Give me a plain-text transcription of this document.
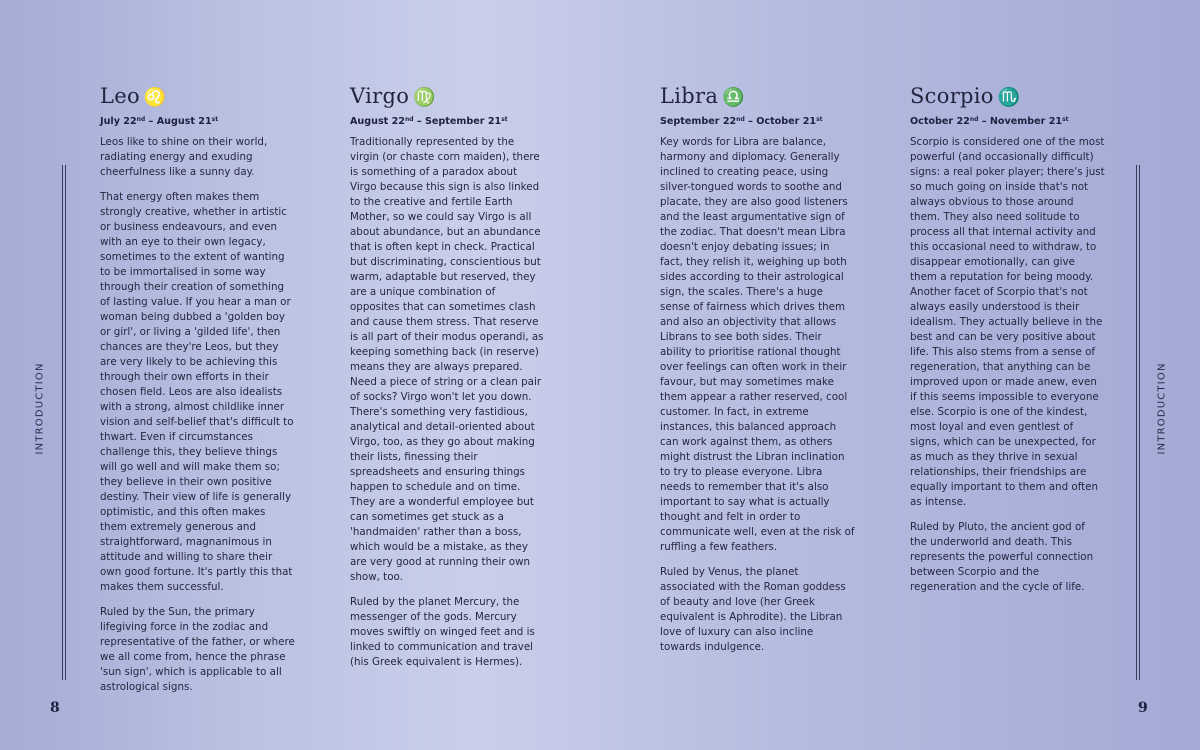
INTRODUCTION
8
INTRODUCTION
9
Leo ♌
July 22nd – August 21st

Leos like to shine on their world, radiating energy and exuding cheerfulness like a sunny day.

That energy often makes them strongly creative, whether in artistic or business endeavours, and even with an eye to their own legacy, sometimes to the extent of wanting to be immortalised in some way through their creation of something of lasting value. If you hear a man or woman being dubbed a 'golden boy or girl', or living a 'gilded life', then chances are they're Leos, but they are very likely to be achieving this through their own efforts in their chosen field. Leos are also idealists with a strong, almost childlike inner vision and self-belief that's difficult to thwart. Even if circumstances challenge this, they believe things will go well and will make them so; they believe in their own positive destiny. Their view of life is generally optimistic, and this often makes them extremely generous and straightforward, magnanimous in attitude and willing to share their own good fortune. It's partly this that makes them successful.

Ruled by the Sun, the primary lifegiving force in the zodiac and representative of the father, or where we all come from, hence the phrase 'sun sign', which is applicable to all astrological signs.

Virgo ♍
August 22nd – September 21st

Traditionally represented by the virgin (or chaste corn maiden), there is something of a paradox about Virgo because this sign is also linked to the creative and fertile Earth Mother, so we could say Virgo is all about abundance, but an abundance that is often kept in check. Practical but discriminating, conscientious but warm, adaptable but reserved, they are a unique combination of opposites that can sometimes clash and cause them stress. That reserve is all part of their modus operandi, as keeping something back (in reserve) means they are always prepared. Need a piece of string or a clean pair of socks? Virgo won't let you down. There's something very fastidious, analytical and detail-oriented about Virgo, too, as they go about making their lists, finessing their spreadsheets and ensuring things happen to schedule and on time. They are a wonderful employee but can sometimes get stuck as a 'handmaiden' rather than a boss, which would be a mistake, as they are very good at running their own show, too.

Ruled by the planet Mercury, the messenger of the gods. Mercury moves swiftly on winged feet and is linked to communication and travel (his Greek equivalent is Hermes).

Libra ♎
September 22nd – October 21st

Key words for Libra are balance, harmony and diplomacy. Generally inclined to creating peace, using silver-tongued words to soothe and placate, they are also good listeners and the least argumentative sign of the zodiac. That doesn't mean Libra doesn't enjoy debating issues; in fact, they relish it, weighing up both sides according to their astrological sign, the scales. There's a huge sense of fairness which drives them and also an objectivity that allows Librans to see both sides. Their ability to prioritise rational thought over feelings can often work in their favour, but may sometimes make them appear a rather reserved, cool customer. In fact, in extreme instances, this balanced approach can work against them, as others might distrust the Libran inclination to try to please everyone. Libra needs to remember that it's also important to say what is actually thought and felt in order to communicate well, even at the risk of ruffling a few feathers.

Ruled by Venus, the planet associated with the Roman goddess of beauty and love (her Greek equivalent is Aphrodite). the Libran love of luxury can also incline towards indulgence.

Scorpio ♏
October 22nd – November 21st

Scorpio is considered one of the most powerful (and occasionally difficult) signs: a real poker player; there's just so much going on inside that's not always obvious to those around them. They also need solitude to process all that internal activity and this occasional need to withdraw, to disappear emotionally, can give them a reputation for being moody. Another facet of Scorpio that's not always easily understood is their idealism. They actually believe in the best and can be very positive about life. This also stems from a sense of regeneration, that anything can be improved upon or made anew, even if this seems impossible to everyone else. Scorpio is one of the kindest, most loyal and even gentlest of signs, which can be unexpected, for as much as they thrive in sexual relationships, their friendships are equally important to them and often as intense.

Ruled by Pluto, the ancient god of the underworld and death. This represents the powerful connection between Scorpio and the regeneration and the cycle of life.
